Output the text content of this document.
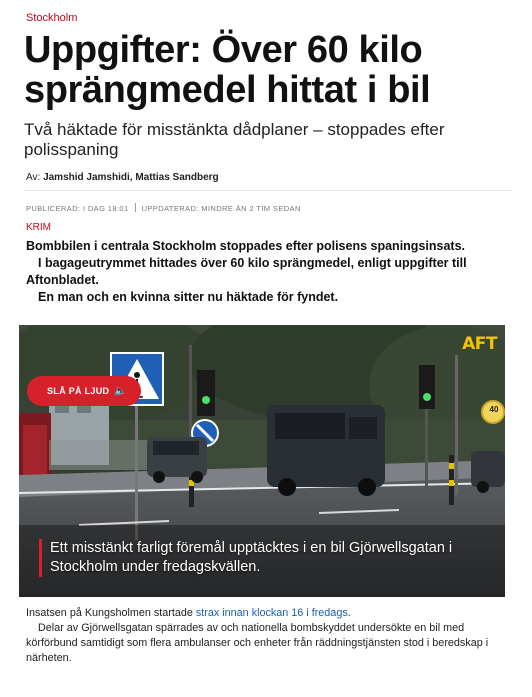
Stockholm
Uppgifter: Över 60 kilo sprängmedel hittat i bil
Två häktade för misstänkta dådplaner – stoppades efter polisspaning
Av: Jamshid Jamshidi, Mattias Sandberg
PUBLICERAD: I DAG 18:01 UPPDATERAD: MINDRE ÄN 2 TIM SEDAN
KRIM

Bombbilen i centrala Stockholm stoppades efter polisens spaningsinsats.

I bagageutrymmet hittades över 60 kilo sprängmedel, enligt uppgifter till Aftonbladet.

En man och en kvinna sitter nu häktade för fyndet.

SLÅ PÅ LJUD 🔈
AFT
40
Ett misstänkt farligt föremål upptäcktes i en bil Gjörwellsgatan i Stockholm under fredagskvällen.

Insatsen på Kungsholmen startade strax innan klockan 16 i fredags.

Delar av Gjörwellsgatan spärrades av och nationella bombskyddet undersökte en bil med körförbund samtidigt som flera ambulanser och enheter från räddningstjänsten stod i beredskap i närheten.
